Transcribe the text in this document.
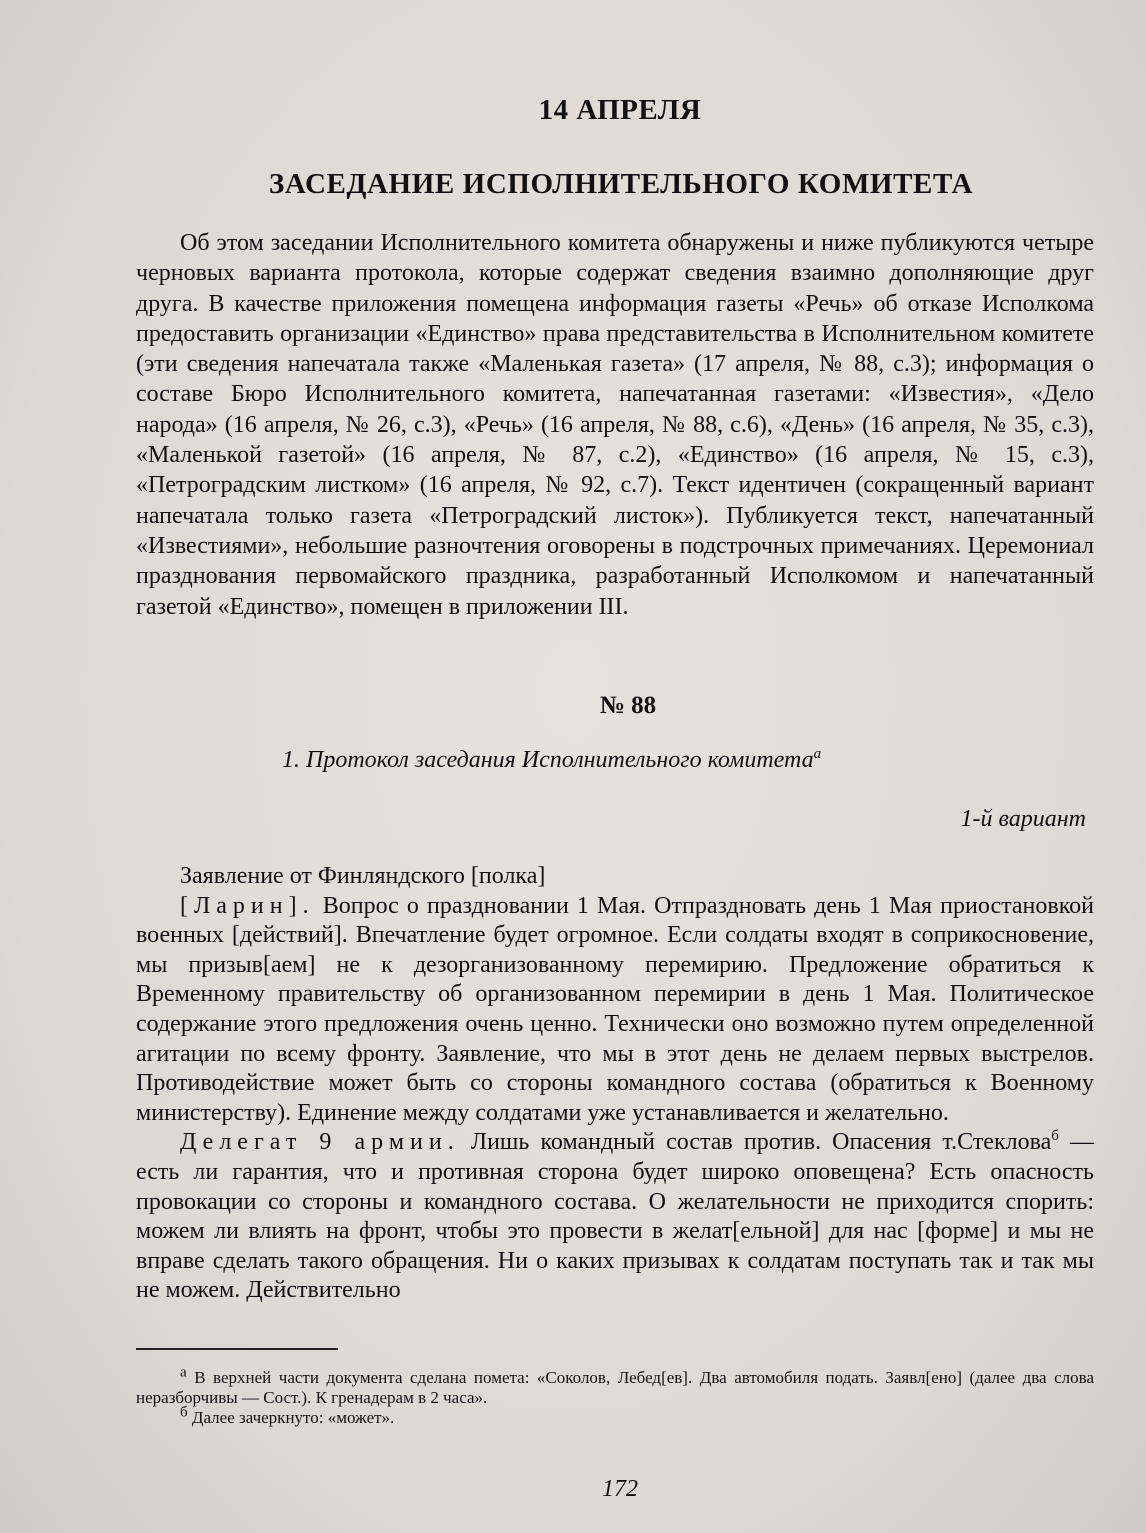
14 АПРЕЛЯ
ЗАСЕДАНИЕ ИСПОЛНИТЕЛЬНОГО КОМИТЕТА

Об этом заседании Исполнительного комитета обнаружены и ниже публикуются четыре черновых варианта протокола, которые содержат сведения взаимно дополняющие друг друга. В качестве приложения помещена информация газеты «Речь» об отказе Исполкома предоставить организации «Единство» права представительства в Исполнительном комитете (эти сведения напечатала также «Маленькая газета» (17 апреля, № 88, с.3); информация о составе Бюро Исполнительного комитета, напечатанная газетами: «Известия», «Дело народа» (16 апреля, № 26, с.3), «Речь» (16 апреля, № 88, с.6), «День» (16 апреля, № 35, с.3), «Маленькой газетой» (16 апреля, № 87, с.2), «Единство» (16 апреля, № 15, с.3), «Петроградским листком» (16 апреля, № 92, с.7). Текст идентичен (сокращенный вариант напечатала только газета «Петроградский листок»). Публикуется текст, напечатанный «Известиями», небольшие разночтения оговорены в подстрочных примечаниях. Церемониал празднования первомайского праздника, разработанный Исполкомом и напечатанный газетой «Единство», помещен в приложении III.

№ 88
1. Протокол заседания Исполнительного комитета$^а$
1-й вариант

Заявление от Финляндского [полка]

[Ларин]. Вопрос о праздновании 1 Мая. Отпраздновать день 1 Мая приостановкой военных [действий]. Впечатление будет огромное. Если солдаты входят в соприкосновение, мы призыв[аем] не к дезорганизованному перемирию. Предложение обратиться к Временному правительству об организованном перемирии в день 1 Мая. Политическое содержание этого предложения очень ценно. Технически оно возможно путем определенной агитации по всему фронту. Заявление, что мы в этот день не делаем первых выстрелов. Противодействие может быть со стороны командного состава (обратиться к Военному министерству). Единение между солдатами уже устанавливается и желательно.

Делегат 9 армии. Лишь командный состав против. Опасения т.Стеклова$^б$ — есть ли гарантия, что и противная сторона будет широко оповещена? Есть опасность провокации со стороны и командного состава. О желательности не приходится спорить: можем ли влиять на фронт, чтобы это провести в желат[ельной] для нас [форме] и мы не вправе сделать такого обращения. Ни о каких призывах к солдатам поступать так и так мы не можем. Действительно

$^а$ В верхней части документа сделана помета: «Соколов, Лебед[ев]. Два автомобиля подать. Заявл[ено] (далее два слова неразборчивы — Сост.). К гренадерам в 2 часа».

$^б$ Далее зачеркнуто: «может».

172
